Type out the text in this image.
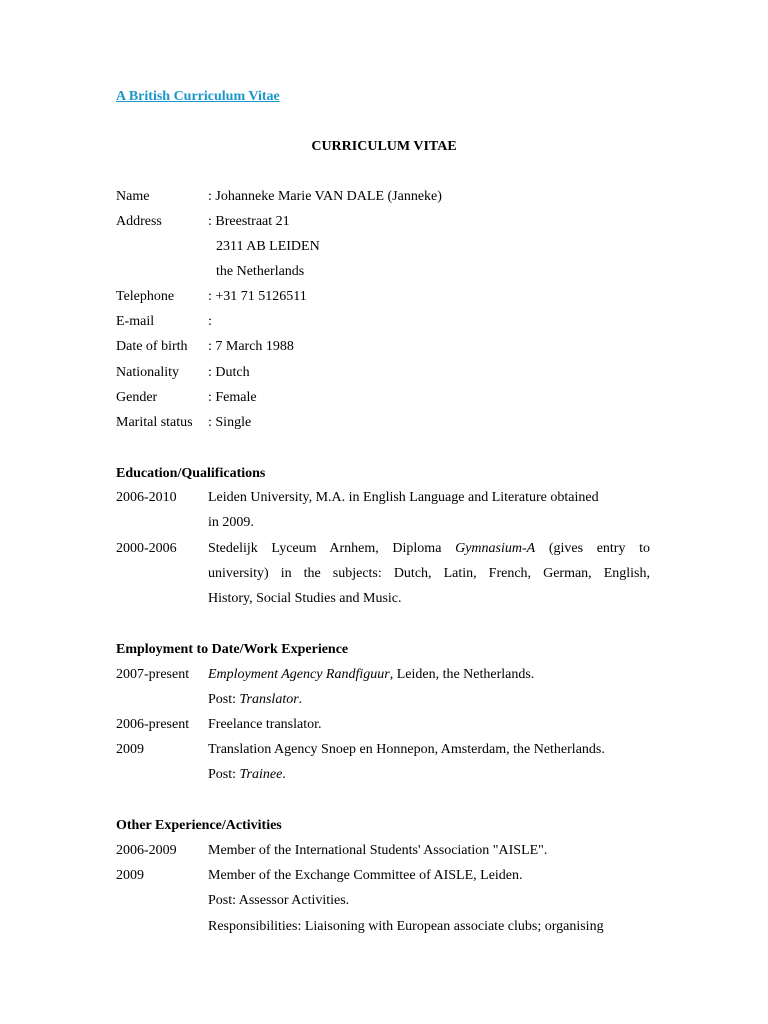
A British Curriculum Vitae
CURRICULUM VITAE
Name	: Johanneke Marie VAN DALE (Janneke)
Address	: Breestraat 21
2311 AB LEIDEN
the Netherlands
Telephone : +31 71 5126511
E-mail	:
Date of birth : 7 March 1988
Nationality : Dutch
Gender	: Female
Marital status : Single
Education/Qualifications
2006-2010 Leiden University, M.A. in English Language and Literature obtained
in 2009.
2000-2006 Stedelijk Lyceum Arnhem, Diploma Gymnasium-A (gives entry to
university) in the subjects: Dutch, Latin, French, German, English,
History, Social Studies and Music.
Employment to Date/Work Experience
2007-present Employment Agency Randfiguur, Leiden, the Netherlands.
Post: Translator.
2006-present Freelance translator.
2009	Translation Agency Snoep en Honnepon, Amsterdam, the Netherlands.
Post: Trainee.
Other Experience/Activities
2006-2009 Member of the International Students' Association "AISLE".
2009	Member of the Exchange Committee of AISLE, Leiden.
Post: Assessor Activities.
Responsibilities: Liaisoning with European associate clubs; organising
